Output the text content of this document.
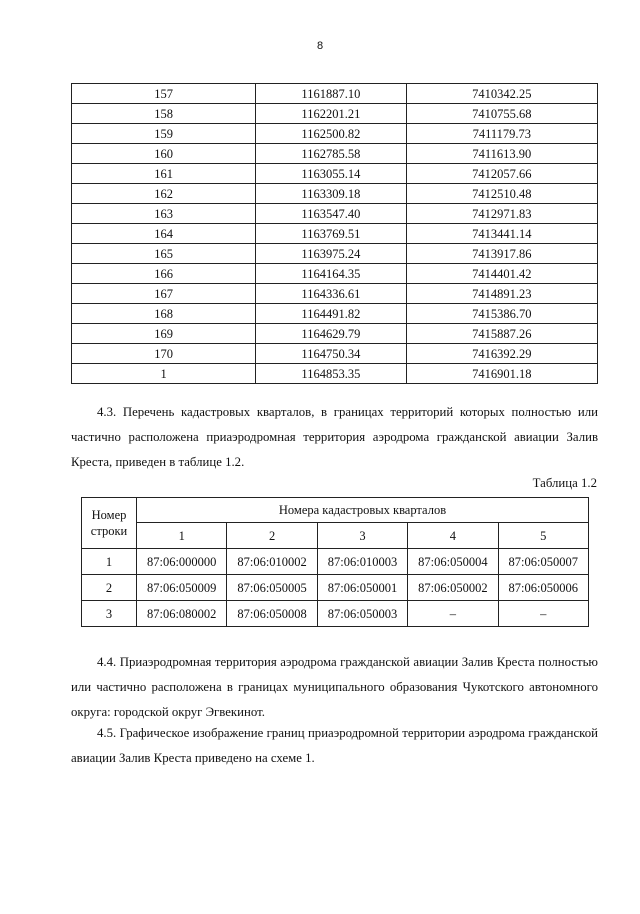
8
157	1161887.10	7410342.25
158	1162201.21	7410755.68
159	1162500.82	7411179.73
160	1162785.58	7411613.90
161	1163055.14	7412057.66
162	1163309.18	7412510.48
163	1163547.40	7412971.83
164	1163769.51	7413441.14
165	1163975.24	7413917.86
166	1164164.35	7414401.42
167	1164336.61	7414891.23
168	1164491.82	7415386.70
169	1164629.79	7415887.26
170	1164750.34	7416392.29
1	1164853.35	7416901.18

4.3. Перечень кадастровых кварталов, в границах территорий которых полностью или частично расположена приаэродромная территория аэродрома гражданской авиации Залив Креста, приведен в таблице 1.2.

Таблица 1.2
Номер строки	Номера кадастровых кварталов				
	1	2	3	4	5
1	87:06:000000	87:06:010002	87:06:010003	87:06:050004	87:06:050007
2	87:06:050009	87:06:050005	87:06:050001	87:06:050002	87:06:050006
3	87:06:080002	87:06:050008	87:06:050003	–	–

4.4. Приаэродромная территория аэродрома гражданской авиации Залив Креста полностью или частично расположена в границах муниципального образования Чукотского автономного округа: городской округ Эгвекинот.

4.5. Графическое изображение границ приаэродромной территории аэродрома гражданской авиации Залив Креста приведено на схеме 1.
